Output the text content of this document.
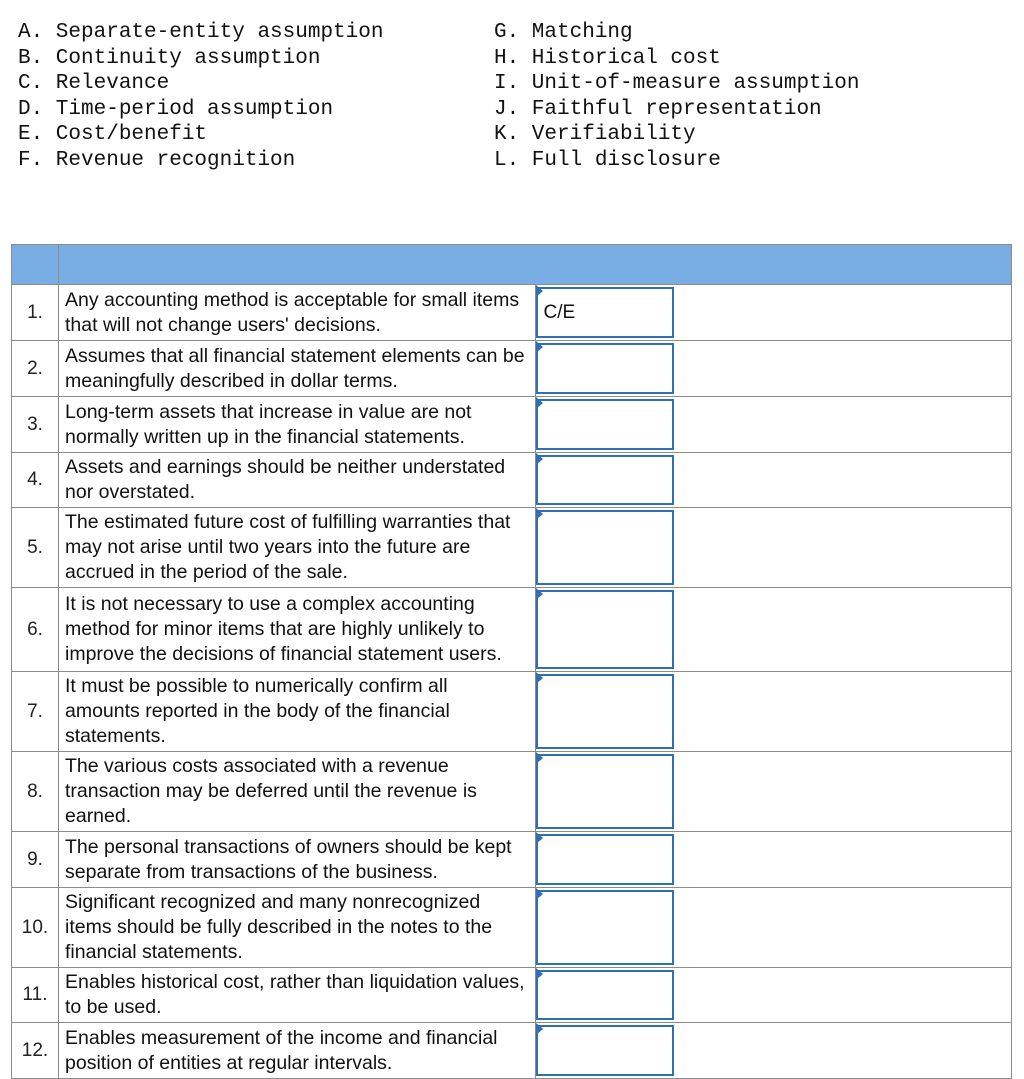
A. Separate-entity assumption
B. Continuity assumption
C. Relevance
D. Time-period assumption
E. Cost/benefit
F. Revenue recognition
G. Matching
H. Historical cost
I. Unit-of-measure assumption
J. Faithful representation
K. Verifiability
L. Full disclosure

1.	Any accounting method is acceptable for small items that will not change users' decisions.	C/E

2.	Assumes that all financial statement elements can be meaningfully described in dollar terms.	

3.	Long-term assets that increase in value are not normally written up in the financial statements.	

4.	Assets and earnings should be neither understated nor overstated.	

5.	The estimated future cost of fulfilling warranties that may not arise until two years into the future are accrued in the period of the sale.	

6.	It is not necessary to use a complex accounting method for minor items that are highly unlikely to improve the decisions of financial statement users.	

7.	It must be possible to numerically confirm all amounts reported in the body of the financial statements.	

8.	The various costs associated with a revenue transaction may be deferred until the revenue is earned.	

9.	The personal transactions of owners should be kept separate from transactions of the business.	

10.	Significant recognized and many nonrecognized items should be fully described in the notes to the financial statements.	

11.	Enables historical cost, rather than liquidation values, to be used.	

12.	Enables measurement of the income and financial position of entities at regular intervals.	
